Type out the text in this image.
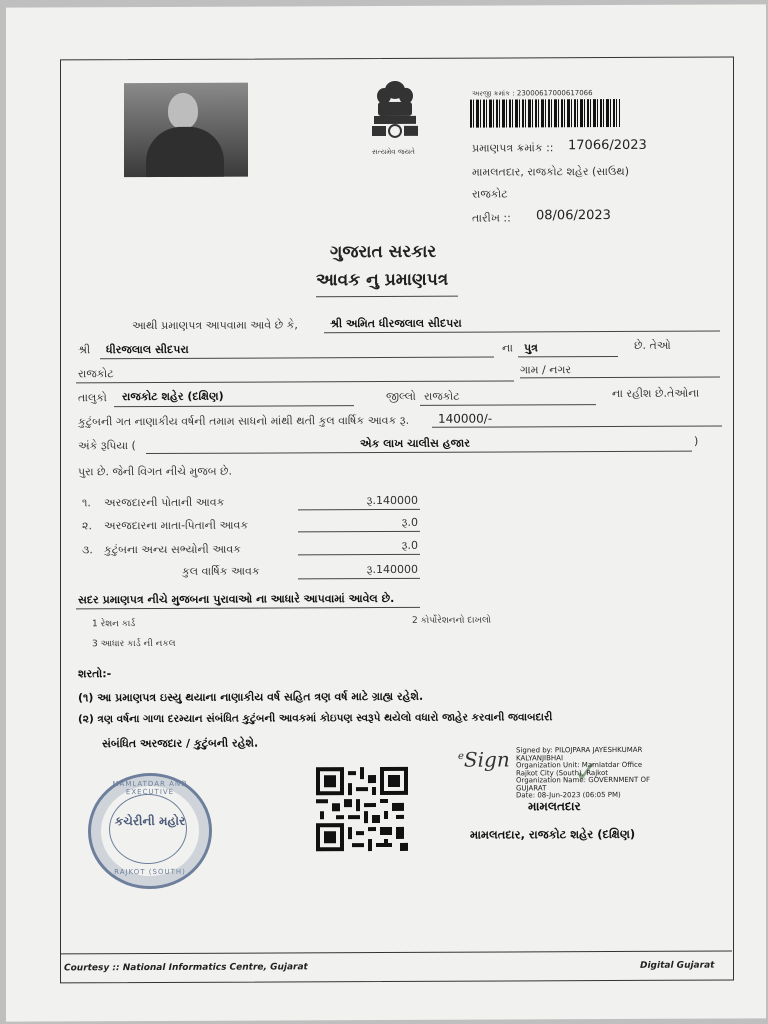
સત્યમેવ જયતે
અરજી ક્રમાંક : 23000617000617066
પ્રમાણપત્ર ક્રમાંક :: 17066/2023
મામલતદાર, રાજકોટ શહેર (સાઉથ)
રાજકોટ
તારીખ :: 08/06/2023
ગુજરાત સરકાર
આવક નુ પ્રમાણપત્ર
આથી પ્રમાણપત્ર આપવામા આવે છે કે,	શ્રી અમિત ધીરજલાલ સીદપરા
શ્રી ધીરજલાલ સીદપરા	ના પુત્ર	છે. તેઓ
રાજકોટ	ગામ / નગર
તાલુકો રાજકોટ શહેર (દક્ષિણ)	જીલ્લો રાજકોટ	ના રહીશ છે.તેઓના
કુટુંબની ગત નાણાકીય વર્ષની તમામ સાધનો માંથી થતી કુલ વાર્ષિક આવક રૂ. 140000/-
અંકે રૂપિયા (	એક લાખ ચાલીસ હજાર	)
પુરા છે. જેની વિગત નીચે મુજબ છે.
૧. અરજદારની પોતાની આવક	રૂ.140000
૨. અરજદારના માતા-પિતાની આવક	રૂ.0
૩. કુટુંબના અન્ય સભ્યોની આવક	રૂ.0
કુલ વાર્ષિક આવક	રૂ.140000
સદર પ્રમાણપત્ર નીચે મુજબના પુરાવાઓ ના આધારે આપવામાં આવેલ છે.
1 રેશન કાર્ડ	2 કોર્પોરેશનનો દાખલો
3 આધાર કાર્ડ ની નકલ
શરતો:-
(૧) આ પ્રમાણપત્ર ઇસ્યુ થયાના નાણાકીય વર્ષ સહિત ત્રણ વર્ષ માટે ગ્રાહ્ય રહેશે.
(૨) ત્રણ વર્ષના ગાળા દરમ્યાન સંબંધિત કુટુંબની આવકમાં કોઇપણ સ્વરૂપે થયેલો વધારો જાહેર કરવાની જવાબદારી
સંબંધિત અરજદાર / કુટુંબની રહેશે.
MAMLATDAR AND EXECUTIVE
કચેરીની મહોર
RAJKOT (SOUTH)
✓
$^e$Sign Signed by: PILOJPARA JAYESHKUMAR
KALYANJIBHAI
Organization Unit: Mamlatdar Office
Rajkot City (South), Rajkot
Organization Name: GOVERNMENT OF
GUJARAT
Date: 08-Jun-2023 (06:05 PM)
મામલતદાર
મામલતદાર, રાજકોટ શહેર (દક્ષિણ)
Courtesy :: National Informatics Centre, Gujarat	Digital Gujarat
